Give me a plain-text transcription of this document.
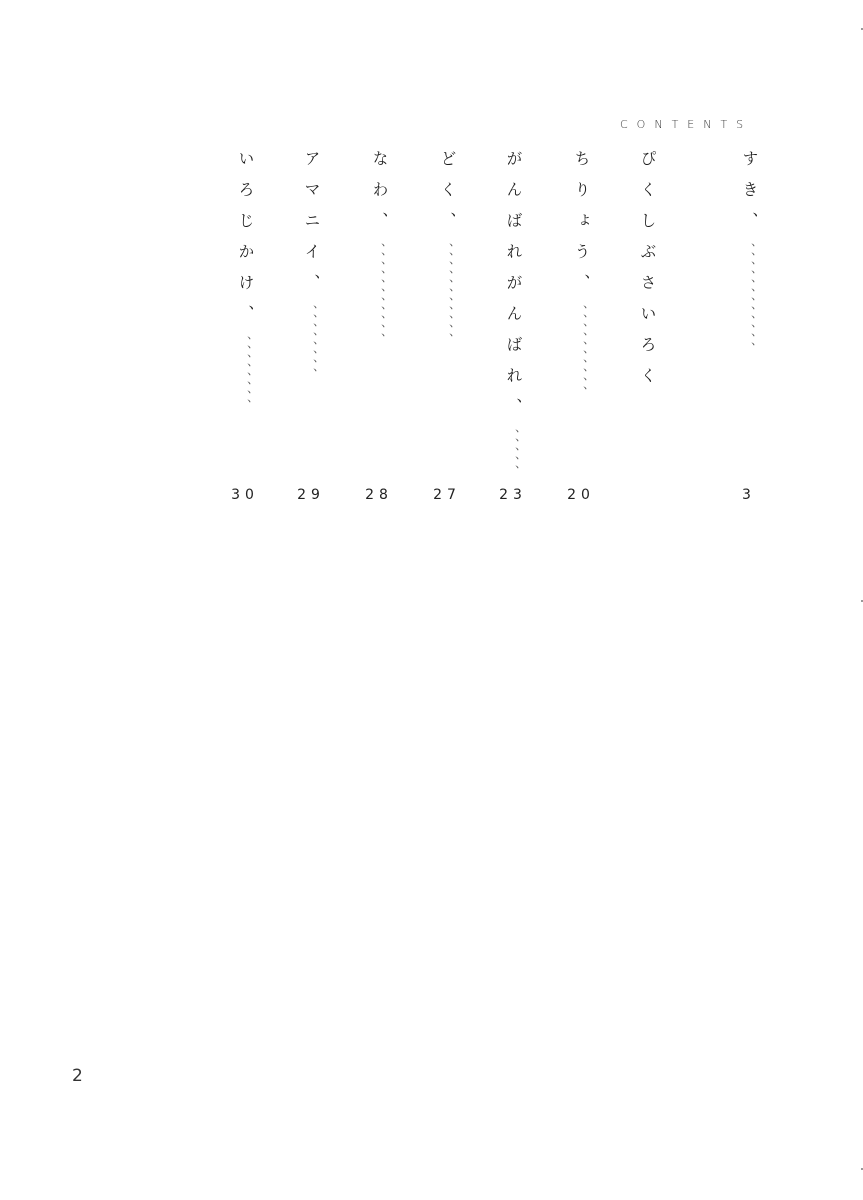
CONTENTS
すき、
、、、、、、、、、、、、
3
ぴくしぶさいろく
ちりょう、
、、、、、、、、、、
20
がんばれがんばれ、
、、、、、
23
どく、
、、、、、、、、、、、
27
なわ、
、、、、、、、、、、、
28
アマニイ、
、、、、、、、、
29
いろじかけ、
、、、、、、、、
30
2
